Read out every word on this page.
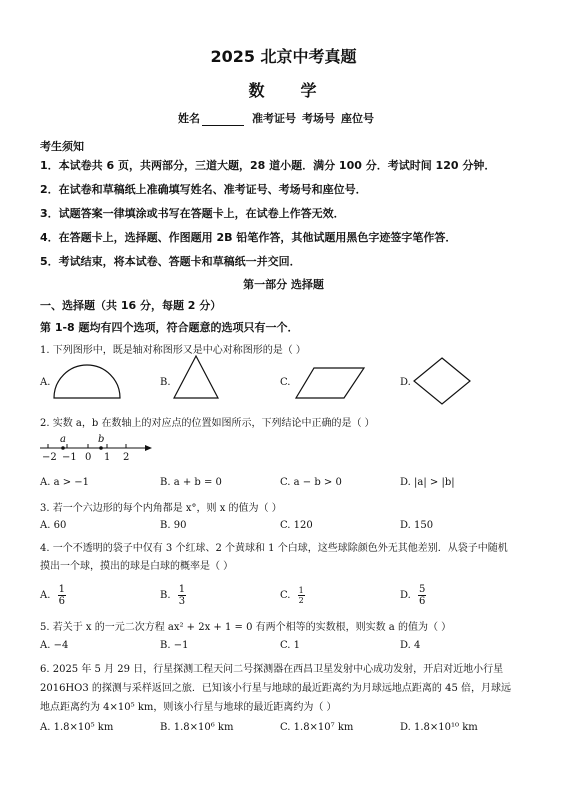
2025 北京中考真题
数 学
姓名	准考证号 考场号 座位号
考生须知
1．本试卷共 6 页，共两部分，三道大题，28 道小题．满分 100 分．考试时间 120 分钟．
2．在试卷和草稿纸上准确填写姓名、准考证号、考场号和座位号．
3．试题答案一律填涂或书写在答题卡上，在试卷上作答无效．
4．在答题卡上，选择题、作图题用 2B 铅笔作答，其他试题用黑色字迹签字笔作答．
5．考试结束，将本试卷、答题卡和草稿纸一并交回．
第一部分 选择题
一、选择题（共 16 分，每题 2 分）
第 1-8 题均有四个选项，符合题意的选项只有一个．
1. 下列图形中，既是轴对称图形又是中心对称图形的是（ ）
A.	B.	C.	D.
2. 实数 a，b 在数轴上的对应点的位置如图所示，下列结论中正确的是（ ）
a	b
−2 −1 0 1 2
A. a > −1	B. a + b = 0	C. a − b > 0	D. |a| > |b|
3. 若一个六边形的每个内角都是 x°，则 x 的值为（ ）
A. 60	B. 90	C. 120	D. 150
4. 一个不透明的袋子中仅有 3 个红球、2 个黄球和 1 个白球，这些球除颜色外无其他差别．从袋子中随机
摸出一个球，摸出的球是白球的概率是（ ）
A. $\frac{1}{6}$	B. $\frac{1}{3}$	C. $\frac{1}{2}$	D. $\frac{5}{6}$
5. 若关于 x 的一元二次方程 ax² + 2x + 1 = 0 有两个相等的实数根，则实数 a 的值为（ ）
A. −4	B. −1	C. 1	D. 4
6. 2025 年 5 月 29 日，行星探测工程天问二号探测器在西昌卫星发射中心成功发射，开启对近地小行星
2016HO3 的探测与采样返回之旅．已知该小行星与地球的最近距离约为月球远地点距离的 45 倍，月球远
地点距离约为 4×10⁵ km，则该小行星与地球的最近距离约为（ ）
A. 1.8×10⁵ km	B. 1.8×10⁶ km	C. 1.8×10⁷ km	D. 1.8×10¹⁰ km
